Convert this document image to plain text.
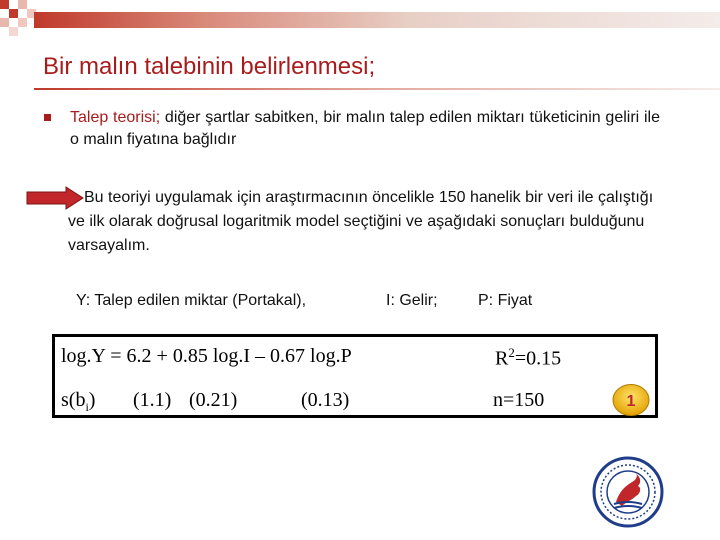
Bir malın talebinin belirlenmesi;
Talep teorisi; diğer şartlar sabitken, bir malın talep edilen miktarı tüketicinin geliri ile o malın fiyatına bağlıdır
Bu teoriyi uygulamak için araştırmacının öncelikle 150 hanelik bir veri ile çalıştığı ve ilk olarak doğrusal logaritmik model seçtiğini ve aşağıdaki sonuçları bulduğunu varsayalım.
Y: Talep edilen miktar (Portakal),	I: Gelir;	P: Fiyat
log.Y = 6.2 + 0.85 log.I – 0.67 log.P	$R^2=0.15$
$s(b_i)$ (1.1) (0.21)	(0.13)	n=150	1
